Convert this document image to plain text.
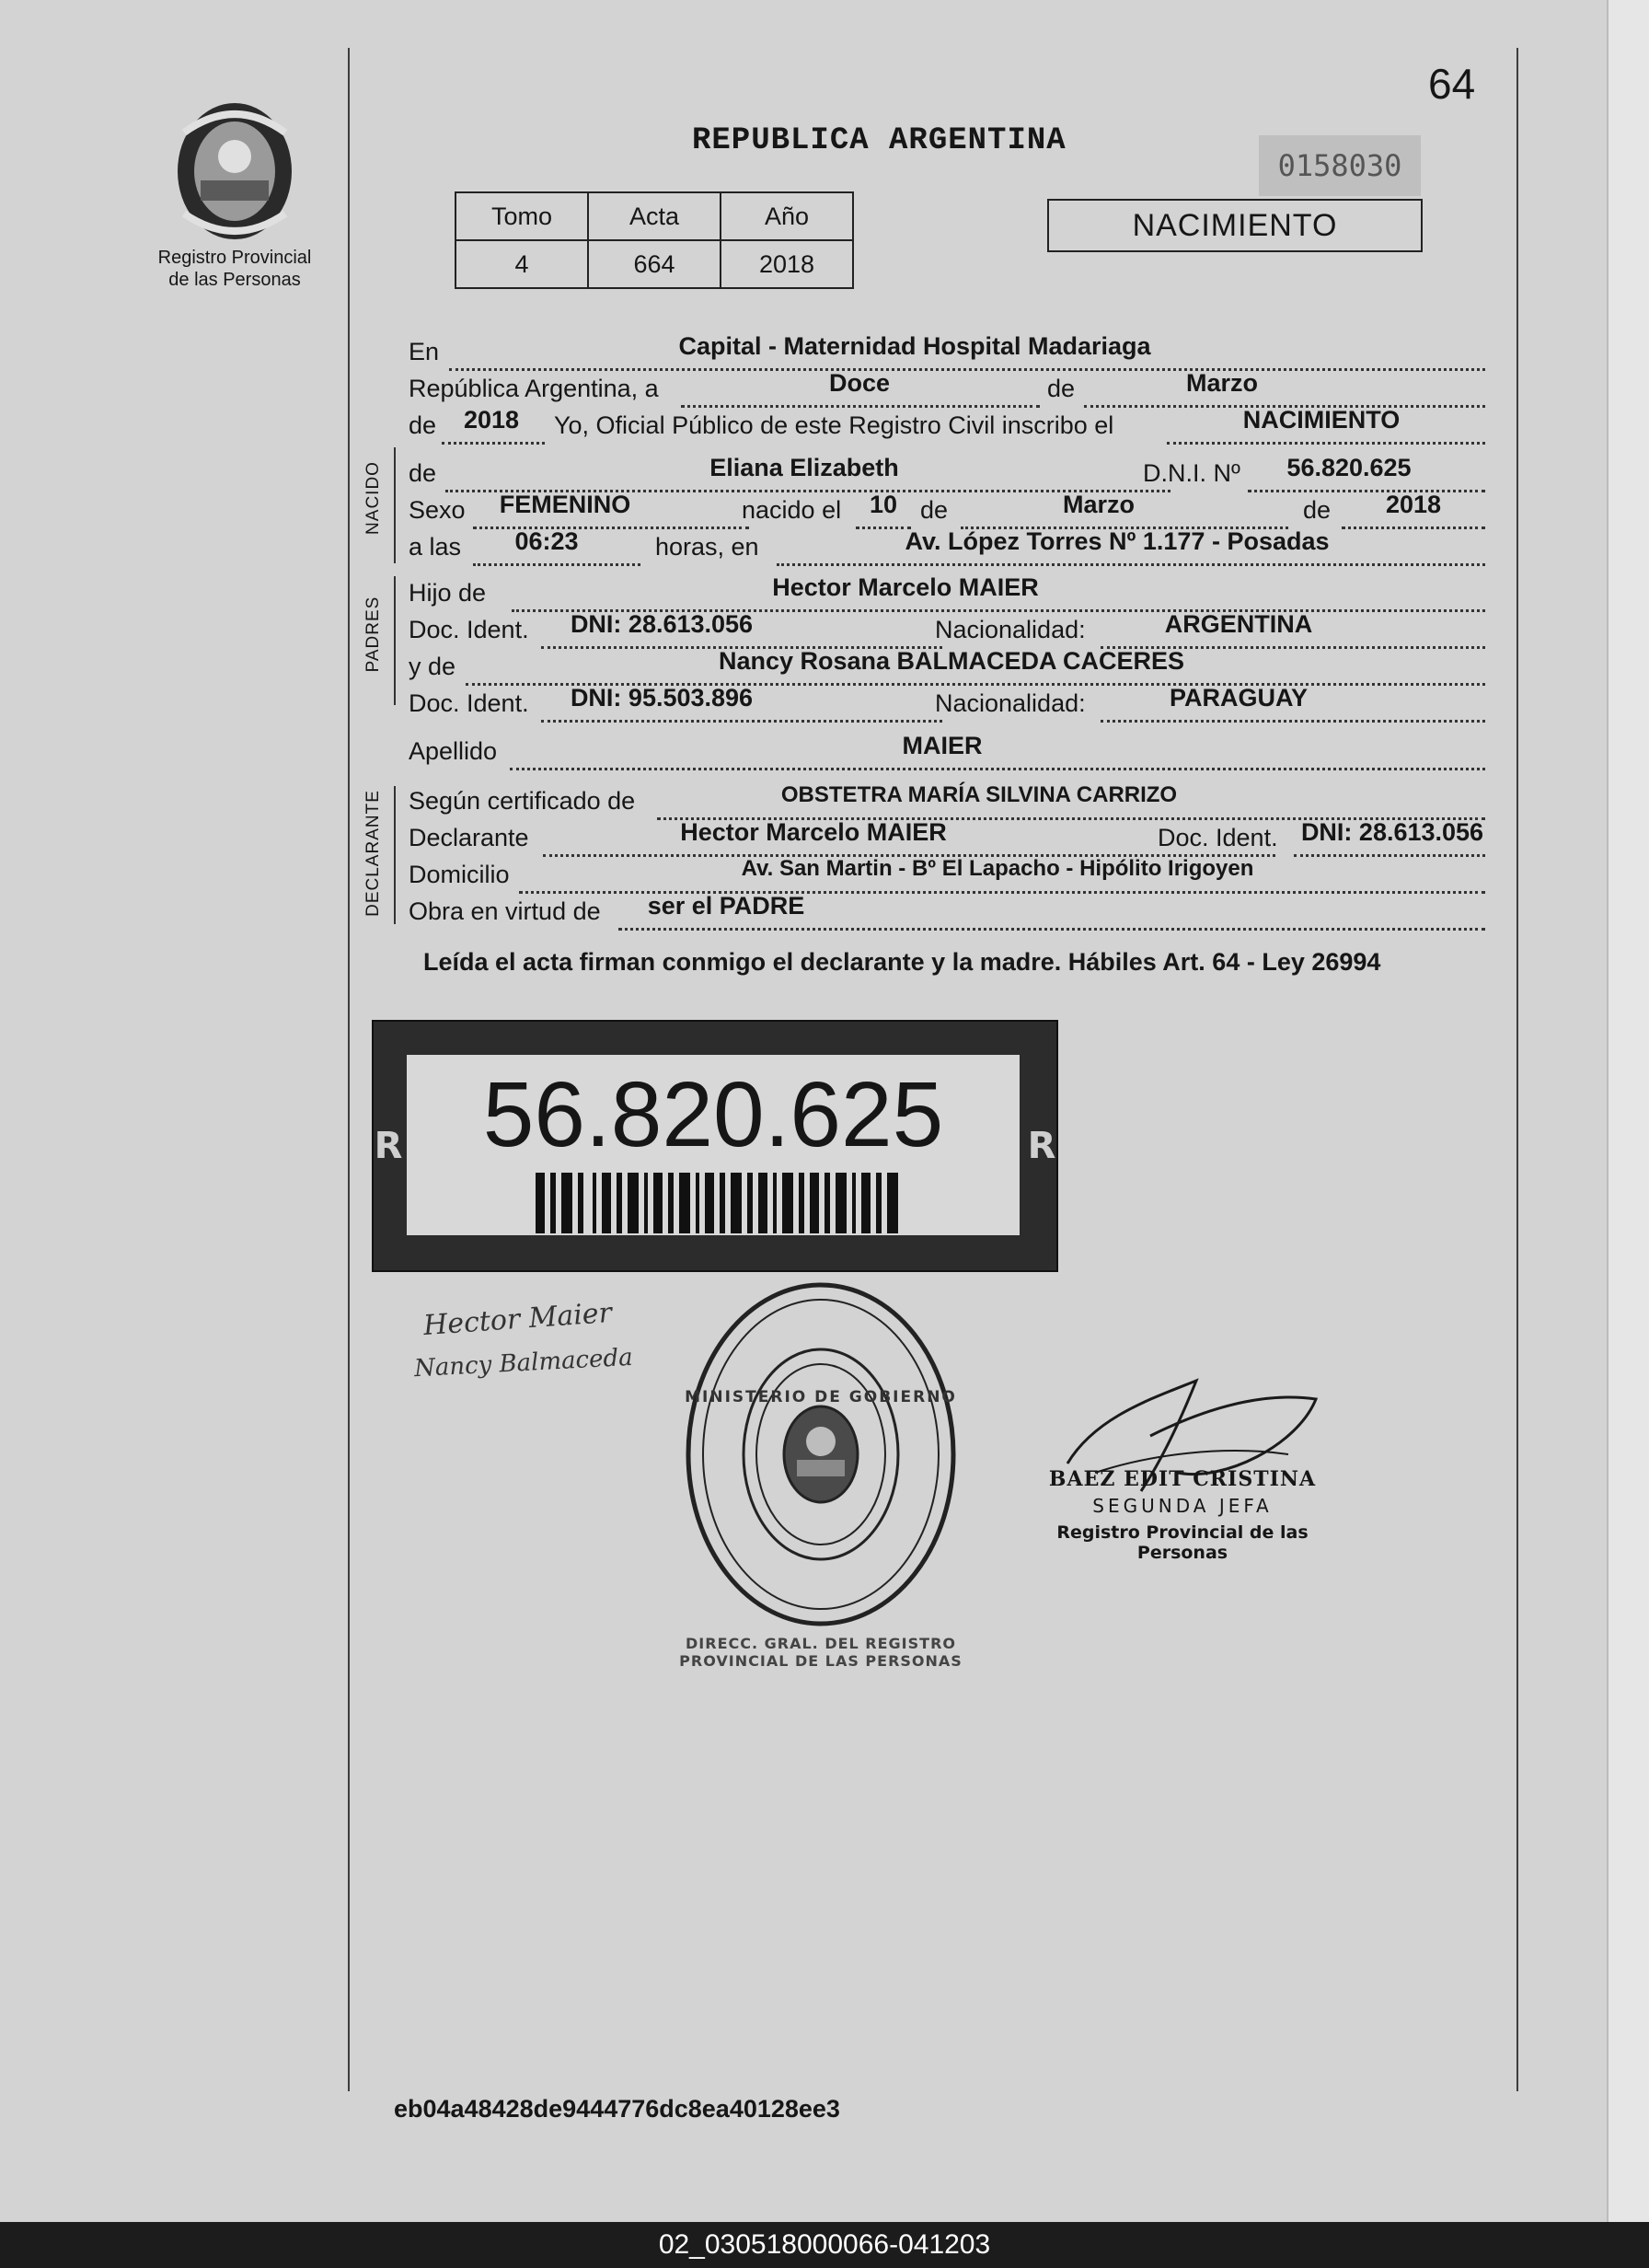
64
Registro Provincial
de las Personas
REPUBLICA ARGENTINA
0158030
Tomo	Acta	Año
4	664	2018
NACIMIENTO
En	Capital - Maternidad Hospital Madariaga
República Argentina, a	Doce	de	Marzo
de	2018	Yo, Oficial Público de este Registro Civil inscribo el	NACIMIENTO
NACIDO de	Eliana Elizabeth	D.N.I. Nº	56.820.625
Sexo	FEMENINO	nacido el	10 de	Marzo	de	2018
a las	06:23	horas, en	Av. López Torres Nº 1.177 - Posadas
PADRES
Hijo de	Hector Marcelo MAIER
Doc. Ident.	DNI: 28.613.056	Nacionalidad:	ARGENTINA
y de	Nancy Rosana BALMACEDA CACERES
Doc. Ident.	DNI: 95.503.896	Nacionalidad:	PARAGUAY
Apellido	MAIER
DECLARANTE Según certificado de	OBSTETRA MARÍA SILVINA CARRIZO
Declarante	Hector Marcelo MAIER	Doc. Ident. DNI: 28.613.056
Domicilio	Av. San Martin - Bº El Lapacho - Hipólito Irigoyen
Obra en virtud de	ser el PADRE
Leída el acta firman conmigo el declarante y la madre. Hábiles Art. 64 - Ley 26994
R	R
56.820.625
Hector Maier
Nancy Balmaceda
DIRECC. GRAL. DEL REGISTRO PROVINCIAL DE LAS PERSONAS
MINISTERIO DE GOBIERNO
BAEZ EDIT CRISTINA
SEGUNDA JEFA
Registro Provincial de las Personas
eb04a48428de9444776dc8ea40128ee3
02_030518000066-041203
